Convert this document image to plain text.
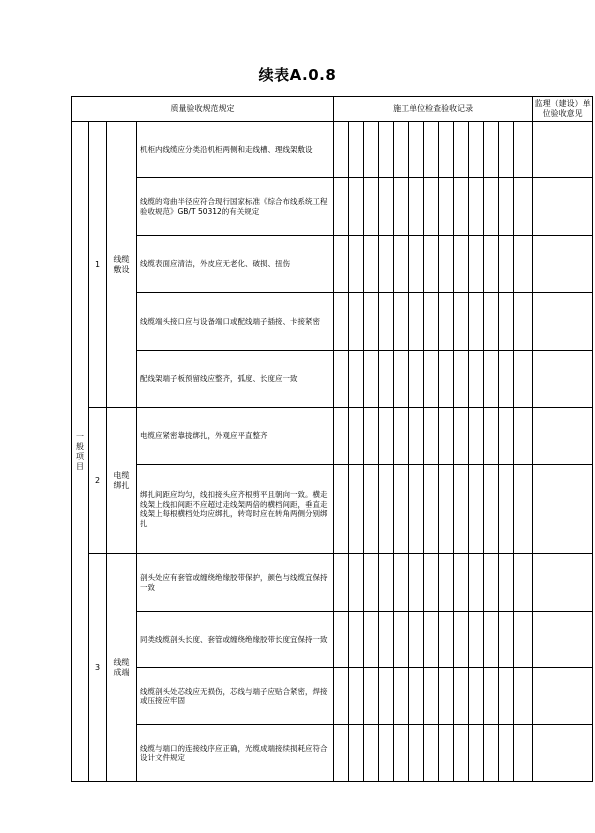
续表A.0.8
质量验收规范规定				施工单位检查验收记录													监理（建设）单位验收意见
一般项目	1	线缆敷设	机柜内线缆应分类沿机柜两侧和走线槽、理线架敷设														
			线缆的弯曲半径应符合现行国家标准《综合布线系统工程验收规范》GB/T 50312的有关规定														
			线缆表面应清洁，外皮应无老化、破损、扭伤														
			线缆端头接口应与设备端口或配线端子插接、卡接紧密														
			配线架端子板预留线应整齐，弧度、长度应一致														
	2	电缆绑扎	电缆应紧密靠拢绑扎，外观应平直整齐														
			绑扎间距应均匀，线扣接头应齐根剪平且朝向一致。横走线架上线扣间距不应超过走线架两倍的横档间距，垂直走线架上每根横档处均应绑扎，转弯时应在转角两侧分别绑扎														
	3	线缆成端	剖头处应有套管或缠绕绝缘胶带保护，颜色与线缆宜保持一致														
			同类线缆剖头长度、套管或缠绕绝缘胶带长度宜保持一致														
			线缆剖头处芯线应无损伤，芯线与端子应贴合紧密，焊接或压接应牢固														
			线缆与端口的连接线序应正确，光缆成端接续损耗应符合设计文件规定														
